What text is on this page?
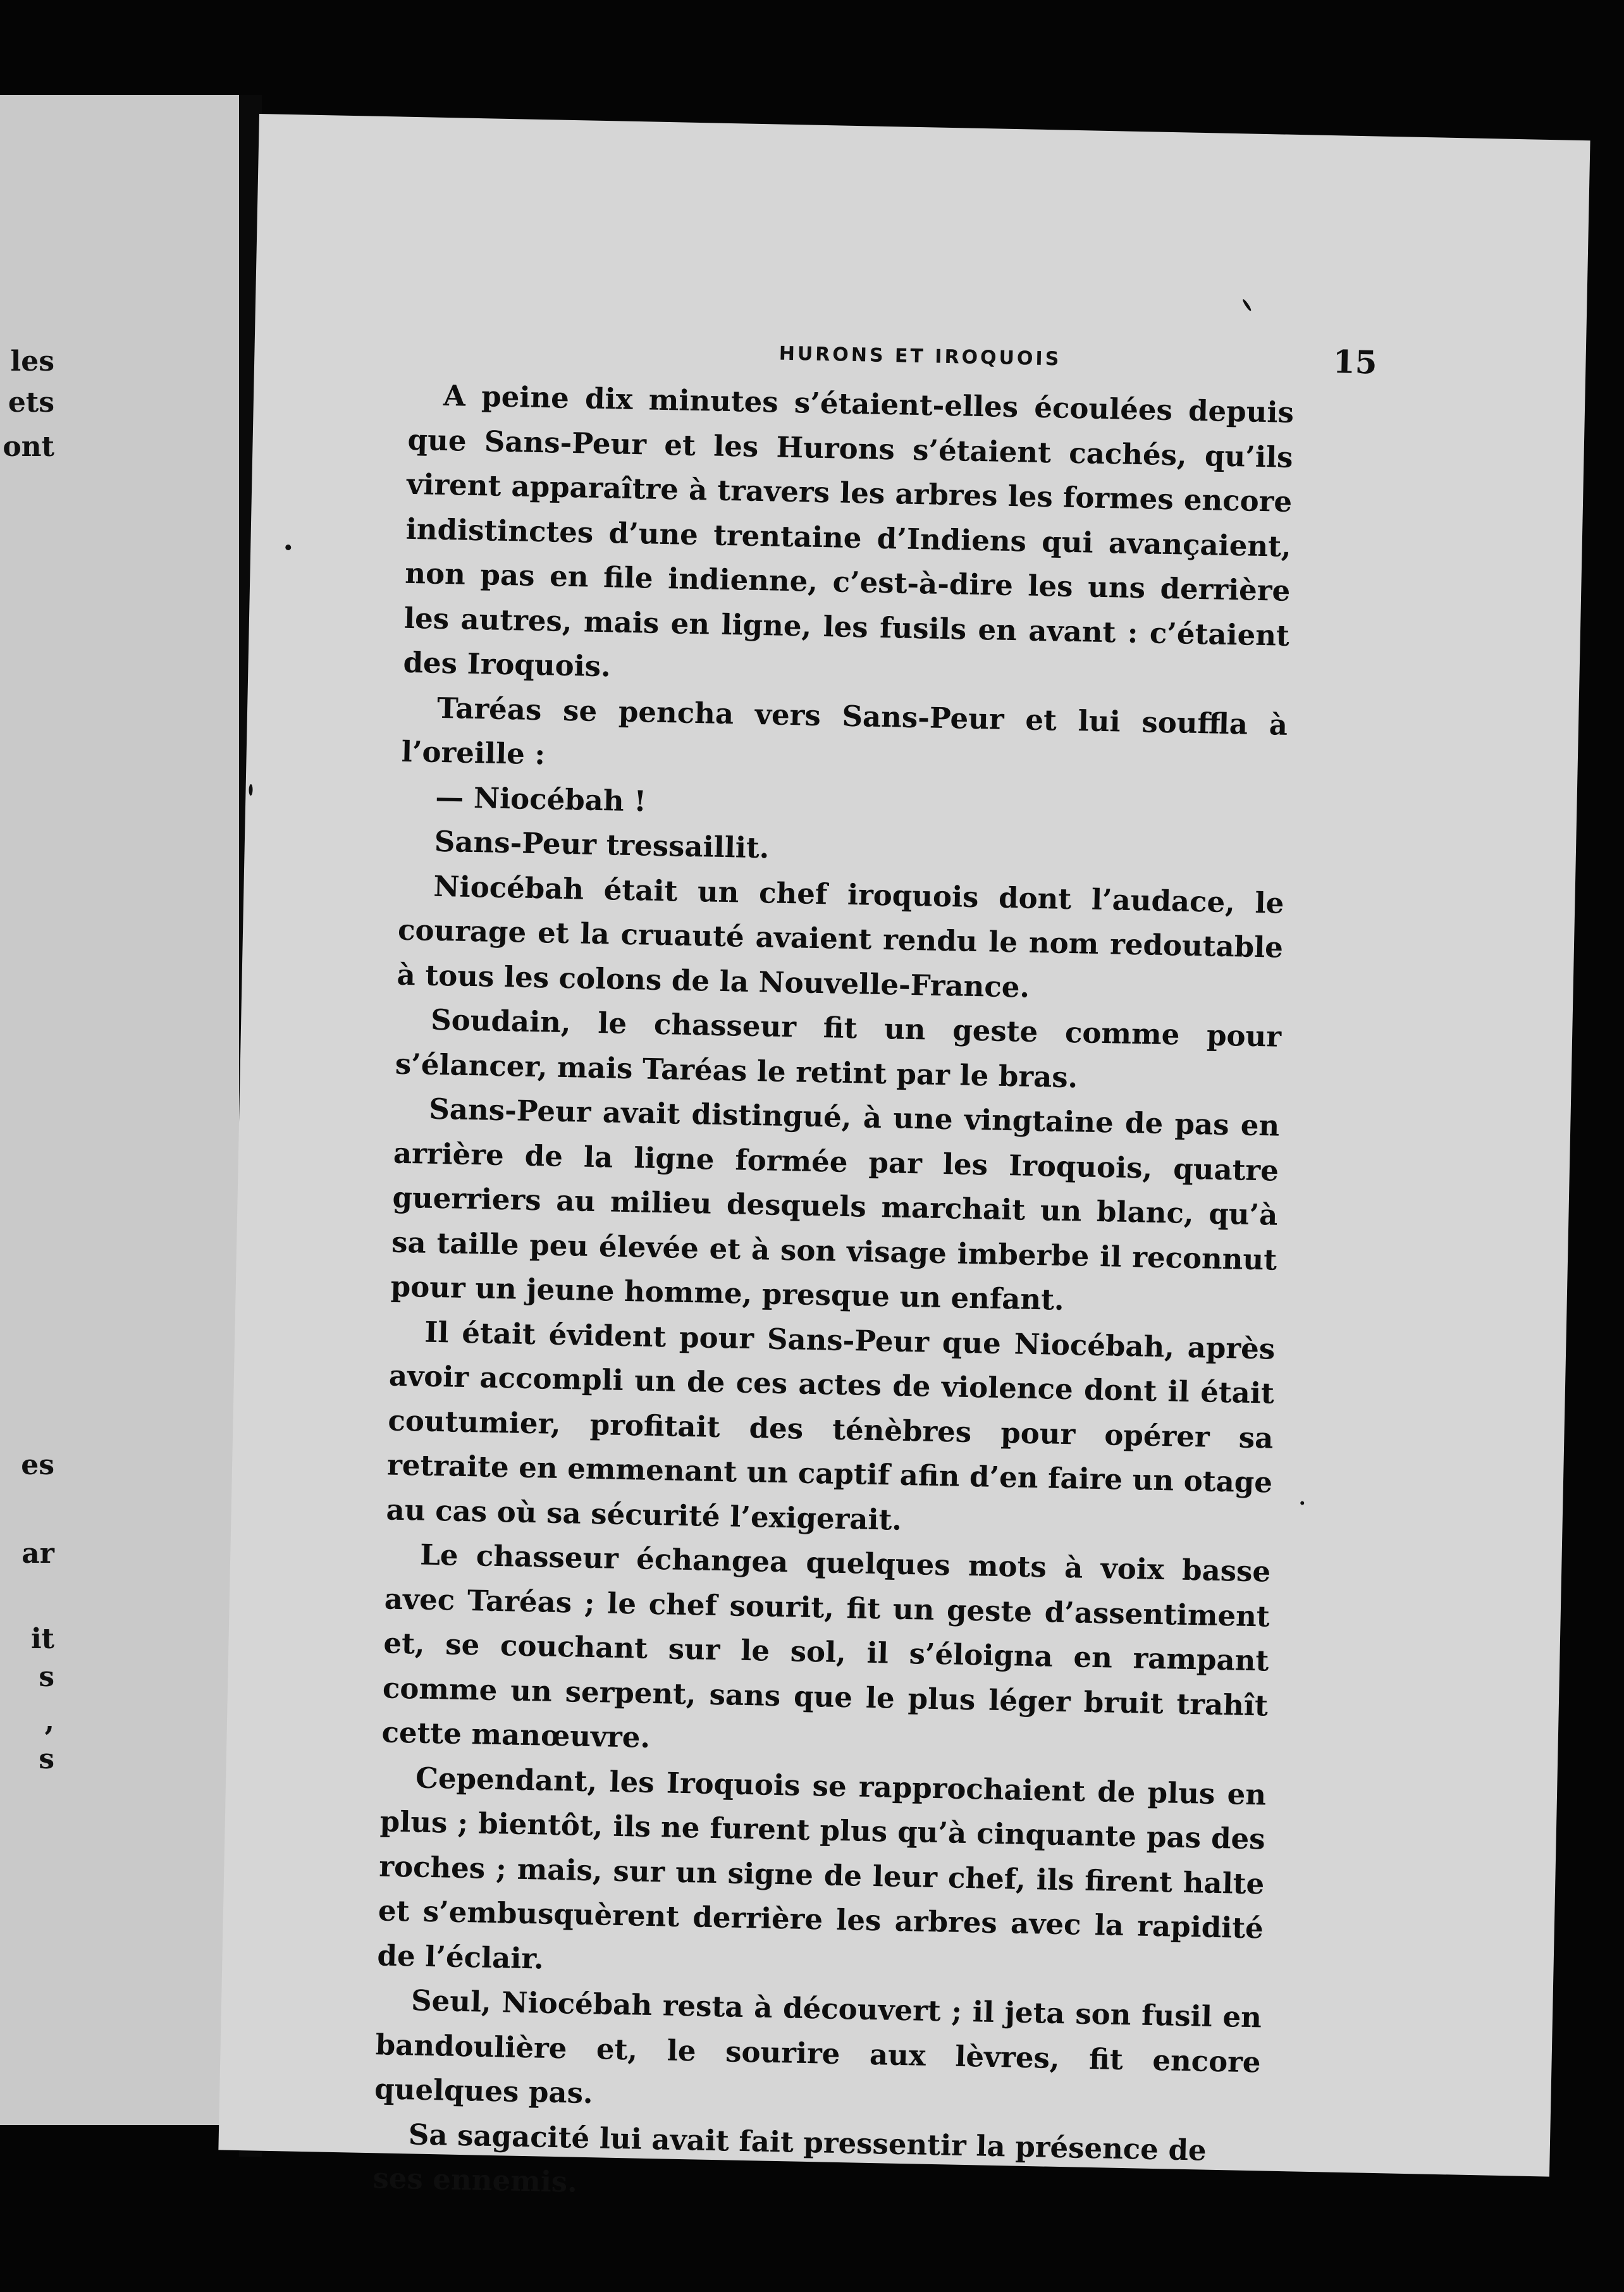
les
ets
ont
es
ar
it
s
,
s
HURONS ET IROQUOIS	15

A peine dix minutes s’étaient-elles écoulées depuis que Sans-Peur et les Hurons s’étaient cachés, qu’ils virent apparaître à travers les arbres les formes encore indistinctes d’une trentaine d’Indiens qui avançaient, non pas en file indienne, c’est-à-dire les uns derrière les autres, mais en ligne, les fusils en avant : c’étaient des Iroquois.

Taréas se pencha vers Sans-Peur et lui souffla à l’oreille :

— Niocébah !

Sans-Peur tressaillit.

Niocébah était un chef iroquois dont l’audace, le courage et la cruauté avaient rendu le nom redoutable à tous les colons de la Nouvelle-France.

Soudain, le chasseur fit un geste comme pour s’élancer, mais Taréas le retint par le bras.

Sans-Peur avait distingué, à une vingtaine de pas en arrière de la ligne formée par les Iroquois, quatre guerriers au milieu desquels marchait un blanc, qu’à sa taille peu élevée et à son visage imberbe il reconnut pour un jeune homme, presque un enfant.

Il était évident pour Sans-Peur que Niocébah, après avoir accompli un de ces actes de violence dont il était coutumier, profitait des ténèbres pour opérer sa retraite en emmenant un captif afin d’en faire un otage au cas où sa sécurité l’exigerait.

Le chasseur échangea quelques mots à voix basse avec Taréas ; le chef sourit, fit un geste d’assentiment et, se couchant sur le sol, il s’éloigna en rampant comme un serpent, sans que le plus léger bruit trahît cette manœuvre.

Cependant, les Iroquois se rapprochaient de plus en plus ; bientôt, ils ne furent plus qu’à cinquante pas des roches ; mais, sur un signe de leur chef, ils firent halte et s’embusquèrent derrière les arbres avec la rapidité de l’éclair.

Seul, Niocébah resta à découvert ; il jeta son fusil en bandoulière et, le sourire aux lèvres, fit encore quelques pas.

Sa sagacité lui avait fait pressentir la présence de ses ennemis.
